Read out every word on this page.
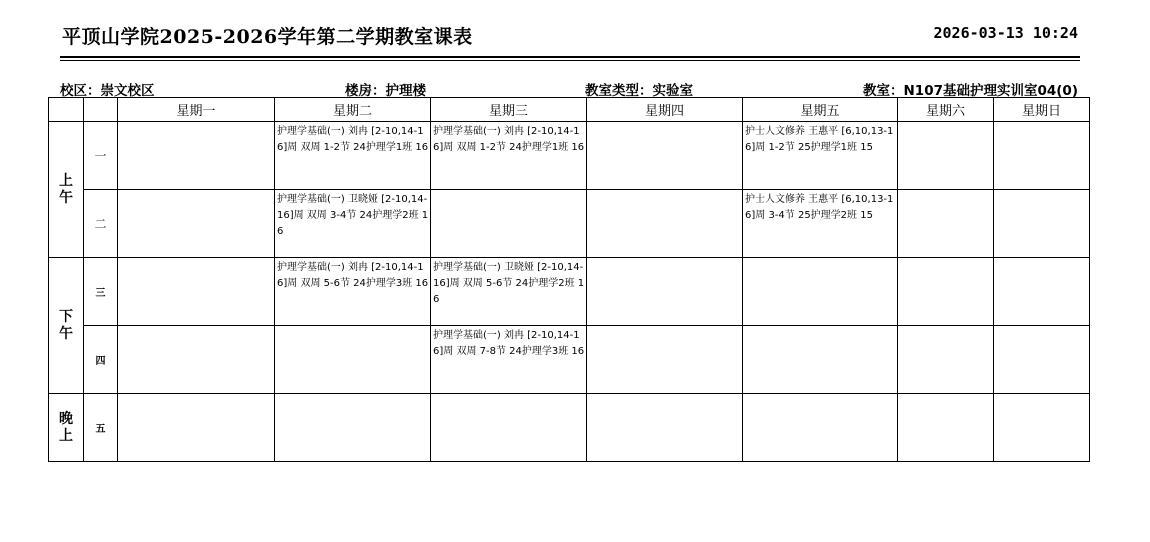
平顶山学院2025-2026学年第二学期教室课表	2026-03-13 10:24
校区：崇文校区	楼房：护理楼	教室类型：实验室	教室：N107基础护理实训室04(0)
		星期一	星期二	星期三	星期四	星期五	星期六	星期日
上
午	一		护理学基础(一) 刘冉 [2-10,14-16]周 双周 1-2节 24护理学1班 16	护理学基础(一) 刘冉 [2-10,14-16]周 双周 1-2节 24护理学1班 16		护士人文修养 王惠平 [6,10,13-16]周 1-2节 25护理学1班 15		

	二		护理学基础(一) 卫晓娅 [2-10,14-16]周 双周 3-4节 24护理学2班 16			护士人文修养 王惠平 [6,10,13-16]周 3-4节 25护理学2班 15		

下
午	三		护理学基础(一) 刘冉 [2-10,14-16]周 双周 5-6节 24护理学3班 16	护理学基础(一) 卫晓娅 [2-10,14-16]周 双周 5-6节 24护理学2班 16				

	四			护理学基础(一) 刘冉 [2-10,14-16]周 双周 7-8节 24护理学3班 16				

晚
上	五							
